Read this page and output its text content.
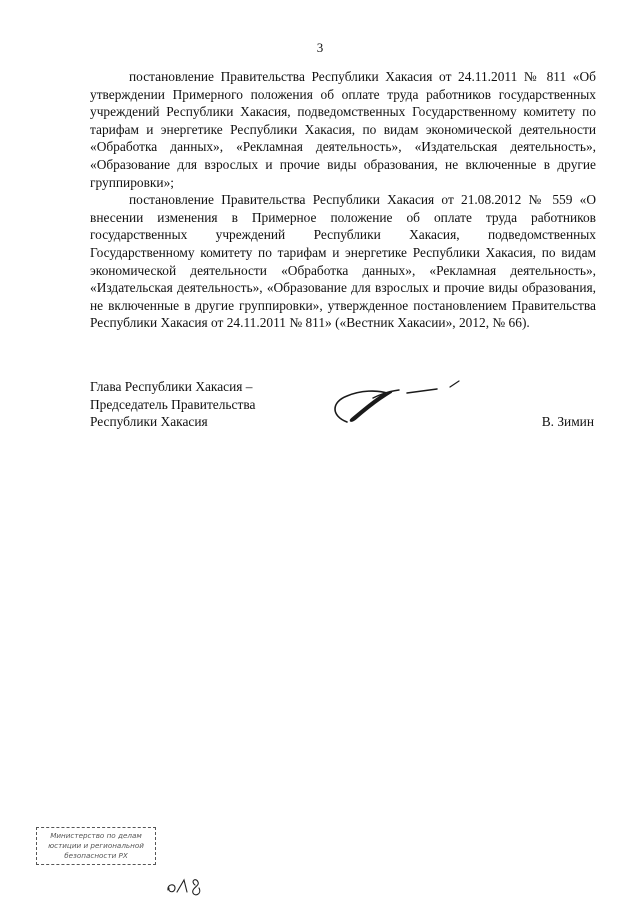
3

постановление Правительства Республики Хакасия от 24.11.2011 № 811 «Об утверждении Примерного положения об оплате труда работников государственных учреждений Республики Хакасия, подведомственных Государственному комитету по тарифам и энергетике Республики Хакасия, по видам экономической деятельности «Обработка данных», «Рекламная деятельность», «Издательская деятельность», «Образование для взрослых и прочие виды образования, не включенные в другие группировки»;

постановление Правительства Республики Хакасия от 21.08.2012 № 559 «О внесении изменения в Примерное положение об оплате труда работников государственных учреждений Республики Хакасия, подведомственных Государственному комитету по тарифам и энергетике Республики Хакасия, по видам экономической деятельности «Обработка данных», «Рекламная деятельность», «Издательская деятельность», «Образование для взрослых и прочие виды образования, не включенные в другие группировки», утвержденное постановлением Правительства Республики Хакасия от 24.11.2011 № 811» («Вестник Хакасии», 2012, № 66).

Глава Республики Хакасия –
Председатель Правительства
Республики Хакасия	В. Зимин
Министерство по делам
юстиции и региональной
безопасности РХ
